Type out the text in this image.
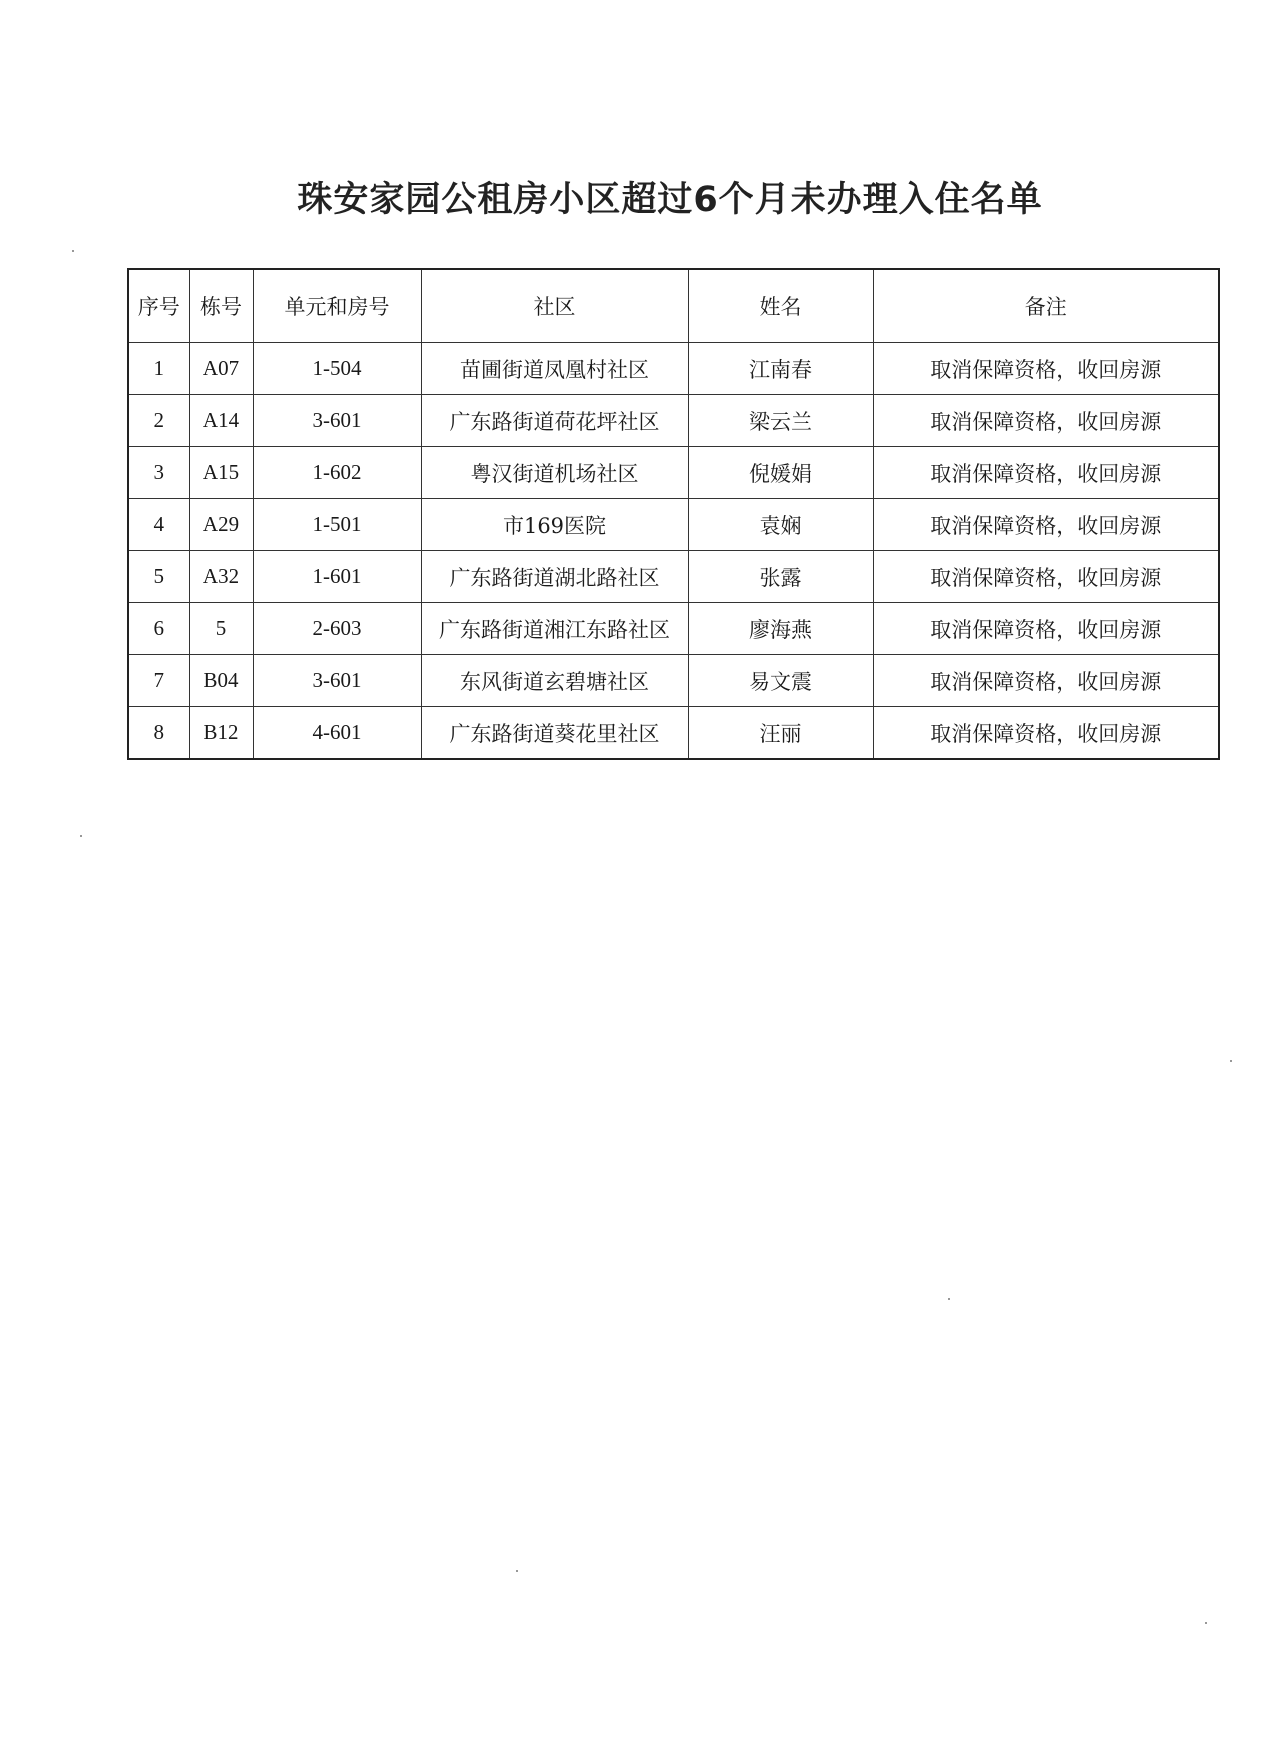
珠安家园公租房小区超过6个月未办理入住名单
序号	栋号	单元和房号	社区	姓名	备注
1	A07	1-504	苗圃街道凤凰村社区	江南春	取消保障资格，收回房源
2	A14	3-601	广东路街道荷花坪社区	梁云兰	取消保障资格，收回房源
3	A15	1-602	粤汉街道机场社区	倪媛娟	取消保障资格，收回房源
4	A29	1-501	市169医院	袁娴	取消保障资格，收回房源
5	A32	1-601	广东路街道湖北路社区	张露	取消保障资格，收回房源
6	5	2-603	广东路街道湘江东路社区	廖海燕	取消保障资格，收回房源
7	B04	3-601	东风街道玄碧塘社区	易文震	取消保障资格，收回房源
8	B12	4-601	广东路街道葵花里社区	汪丽	取消保障资格，收回房源
